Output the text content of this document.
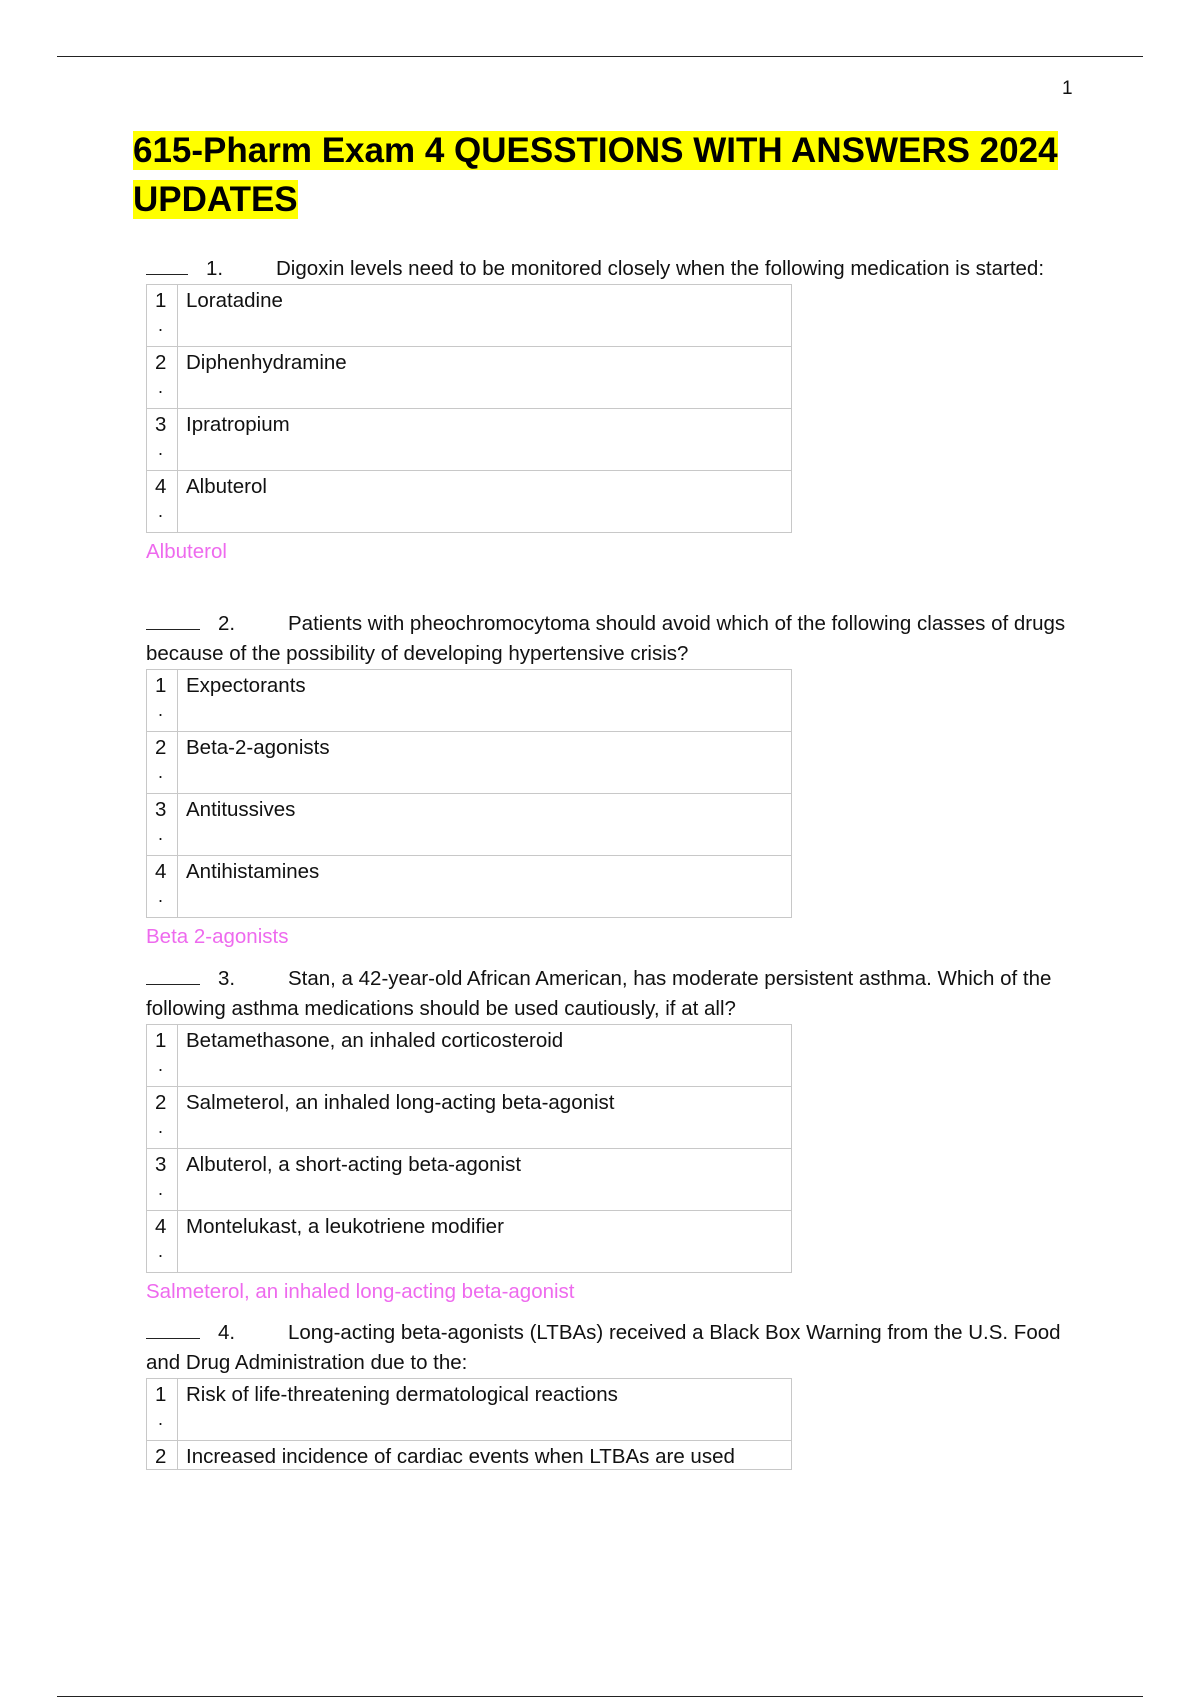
1
615-Pharm Exam 4 QUESSTIONS WITH ANSWERS 2024 UPDATES
1.	Digoxin levels need to be monitored closely when the following medication is started:
1
.	Loratadine
2
.	Diphenhydramine
3
.	Ipratropium
4
.	Albuterol
Albuterol
2.	Patients with pheochromocytoma should avoid which of the following classes of drugs because of the possibility of developing hypertensive crisis?
1
.	Expectorants
2
.	Beta-2-agonists
3
.	Antitussives
4
.	Antihistamines
Beta 2-agonists
3.	Stan, a 42-year-old African American, has moderate persistent asthma. Which of the following asthma medications should be used cautiously, if at all?
1
.	Betamethasone, an inhaled corticosteroid
2
.	Salmeterol, an inhaled long-acting beta-agonist
3
.	Albuterol, a short-acting beta-agonist
4
.	Montelukast, a leukotriene modifier
Salmeterol, an inhaled long-acting beta-agonist
4.	Long-acting beta-agonists (LTBAs) received a Black Box Warning from the U.S. Food and Drug Administration due to the:
1
.	Risk of life-threatening dermatological reactions
2	Increased incidence of cardiac events when LTBAs are used
